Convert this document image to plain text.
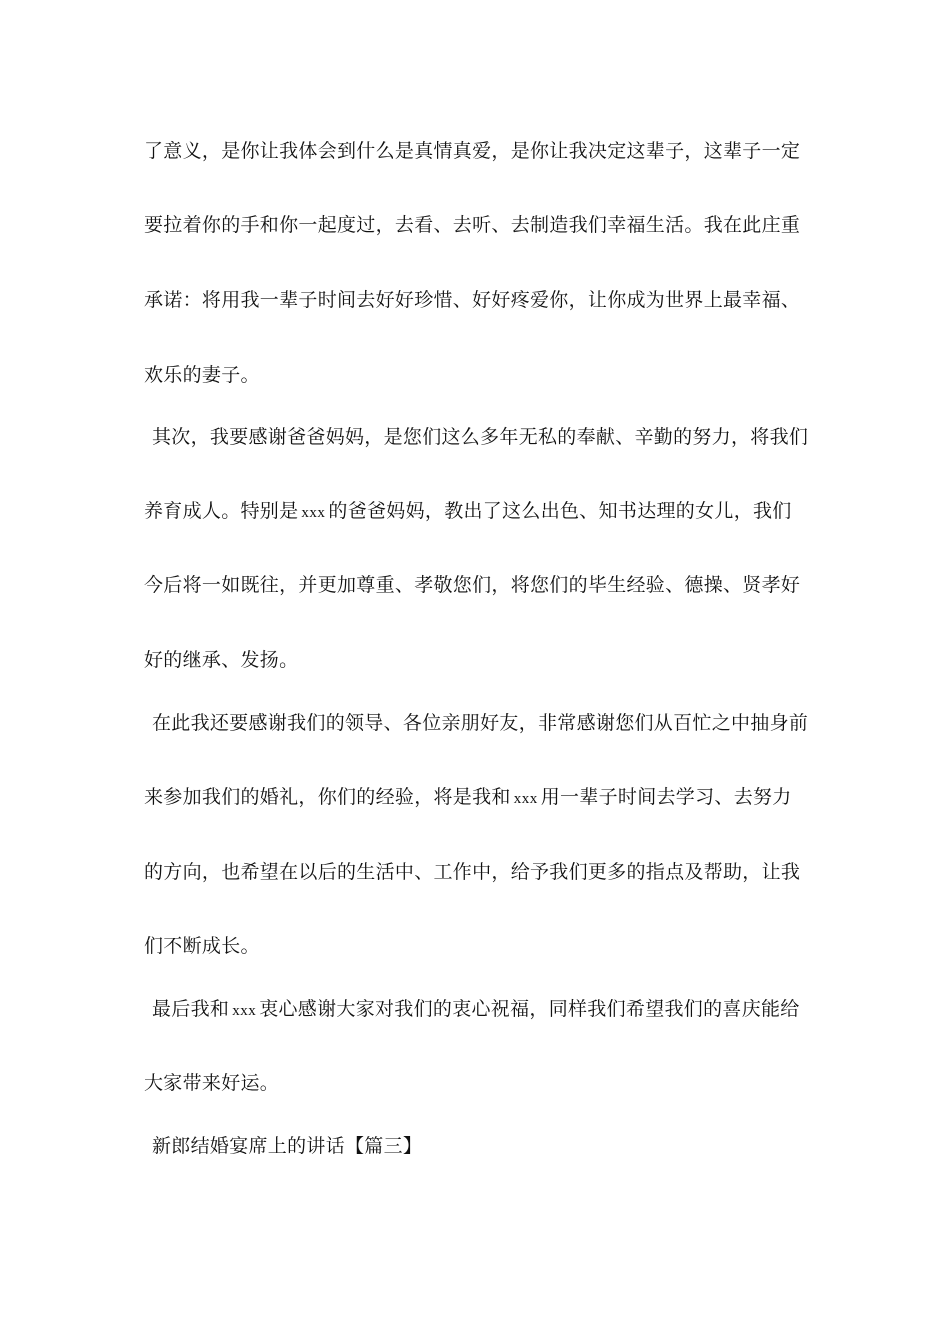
了意义，是你让我体会到什么是真情真爱，是你让我决定这辈子，这辈子一定
要拉着你的手和你一起度过，去看、去听、去制造我们幸福生活。我在此庄重
承诺：将用我一辈子时间去好好珍惜、好好疼爱你，让你成为世界上最幸福、
欢乐的妻子。
其次，我要感谢爸爸妈妈，是您们这么多年无私的奉献、辛勤的努力，将我们
养育成人。特别是 xxx 的爸爸妈妈，教出了这么出色、知书达理的女儿，我们
今后将一如既往，并更加尊重、孝敬您们，将您们的毕生经验、德操、贤孝好
好的继承、发扬。
在此我还要感谢我们的领导、各位亲朋好友，非常感谢您们从百忙之中抽身前
来参加我们的婚礼，你们的经验，将是我和 xxx 用一辈子时间去学习、去努力
的方向，也希望在以后的生活中、工作中，给予我们更多的指点及帮助，让我
们不断成长。
最后我和 xxx 衷心感谢大家对我们的衷心祝福，同样我们希望我们的喜庆能给
大家带来好运。
新郎结婚宴席上的讲话【篇三】
